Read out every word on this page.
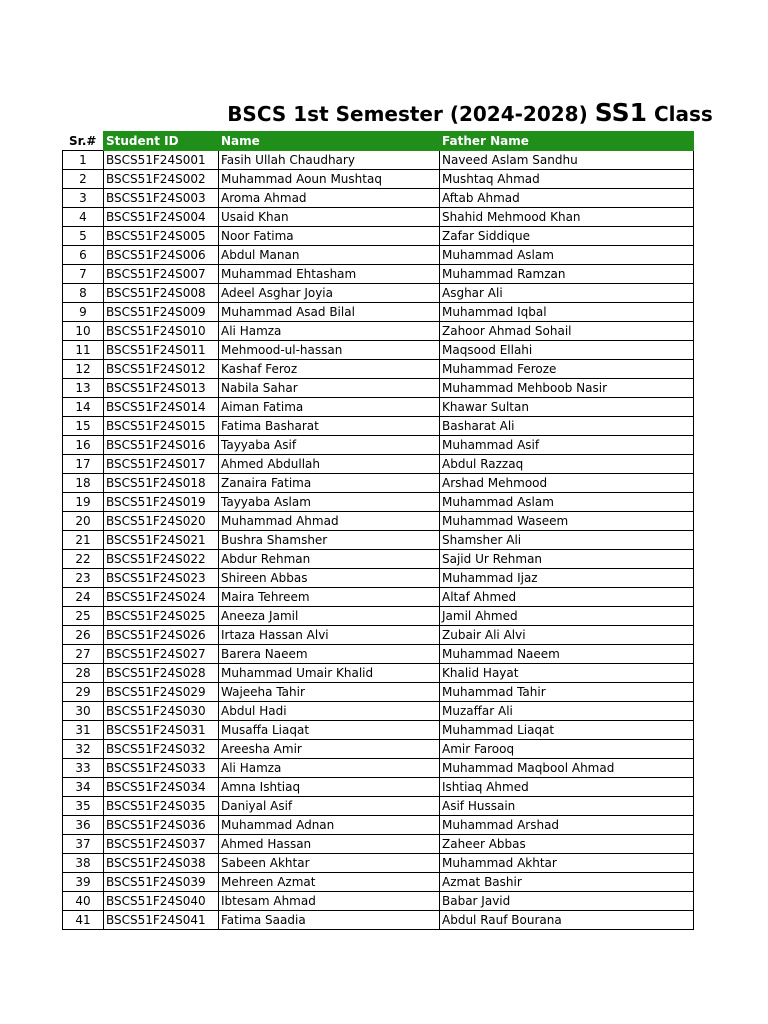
BSCS 1st Semester (2024-2028) SS1 Class
Sr.#	Student ID	Name	Father Name
1	BSCS51F24S001	Fasih Ullah Chaudhary	Naveed Aslam Sandhu
2	BSCS51F24S002	Muhammad Aoun Mushtaq	Mushtaq Ahmad
3	BSCS51F24S003	Aroma Ahmad	Aftab Ahmad
4	BSCS51F24S004	Usaid Khan	Shahid Mehmood Khan
5	BSCS51F24S005	Noor Fatima	Zafar Siddique
6	BSCS51F24S006	Abdul Manan	Muhammad Aslam
7	BSCS51F24S007	Muhammad Ehtasham	Muhammad Ramzan
8	BSCS51F24S008	Adeel Asghar Joyia	Asghar Ali
9	BSCS51F24S009	Muhammad Asad Bilal	Muhammad Iqbal
10	BSCS51F24S010	Ali Hamza	Zahoor Ahmad Sohail
11	BSCS51F24S011	Mehmood-ul-hassan	Maqsood Ellahi
12	BSCS51F24S012	Kashaf Feroz	Muhammad Feroze
13	BSCS51F24S013	Nabila Sahar	Muhammad Mehboob Nasir
14	BSCS51F24S014	Aiman Fatima	Khawar Sultan
15	BSCS51F24S015	Fatima Basharat	Basharat Ali
16	BSCS51F24S016	Tayyaba Asif	Muhammad Asif
17	BSCS51F24S017	Ahmed Abdullah	Abdul Razzaq
18	BSCS51F24S018	Zanaira Fatima	Arshad Mehmood
19	BSCS51F24S019	Tayyaba Aslam	Muhammad Aslam
20	BSCS51F24S020	Muhammad Ahmad	Muhammad Waseem
21	BSCS51F24S021	Bushra Shamsher	Shamsher Ali
22	BSCS51F24S022	Abdur Rehman	Sajid Ur Rehman
23	BSCS51F24S023	Shireen Abbas	Muhammad Ijaz
24	BSCS51F24S024	Maira Tehreem	Altaf Ahmed
25	BSCS51F24S025	Aneeza Jamil	Jamil Ahmed
26	BSCS51F24S026	Irtaza Hassan Alvi	Zubair Ali Alvi
27	BSCS51F24S027	Barera Naeem	Muhammad Naeem
28	BSCS51F24S028	Muhammad Umair Khalid	Khalid Hayat
29	BSCS51F24S029	Wajeeha Tahir	Muhammad Tahir
30	BSCS51F24S030	Abdul Hadi	Muzaffar Ali
31	BSCS51F24S031	Musaffa Liaqat	Muhammad Liaqat
32	BSCS51F24S032	Areesha Amir	Amir Farooq
33	BSCS51F24S033	Ali Hamza	Muhammad Maqbool Ahmad
34	BSCS51F24S034	Amna Ishtiaq	Ishtiaq Ahmed
35	BSCS51F24S035	Daniyal Asif	Asif Hussain
36	BSCS51F24S036	Muhammad Adnan	Muhammad Arshad
37	BSCS51F24S037	Ahmed Hassan	Zaheer Abbas
38	BSCS51F24S038	Sabeen Akhtar	Muhammad Akhtar
39	BSCS51F24S039	Mehreen Azmat	Azmat Bashir
40	BSCS51F24S040	Ibtesam Ahmad	Babar Javid
41	BSCS51F24S041	Fatima Saadia	Abdul Rauf Bourana
